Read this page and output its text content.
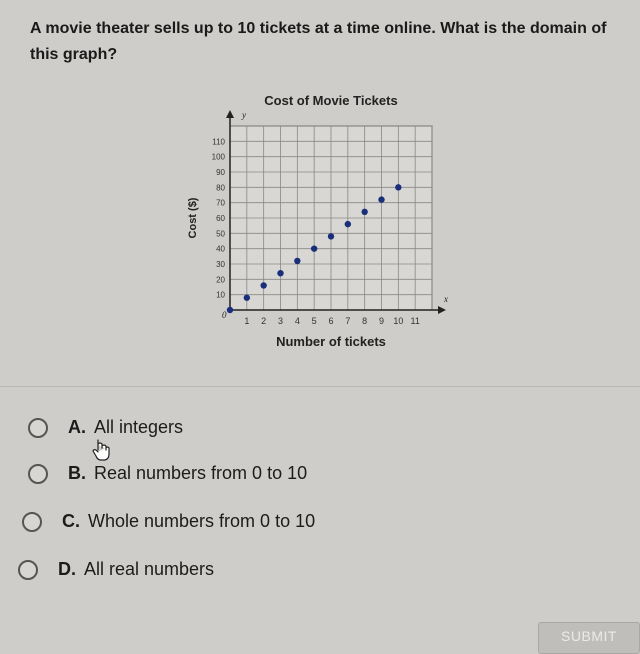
A movie theater sells up to 10 tickets at a time online. What is the domain of this graph?
Cost of Movie Tickets
y
x
0
1 2 3 4 5 6 7 8 9 10 11
10
20
30
40
50
60
70
80
90
100
110
Number of tickets
Cost ($)
A. All integers
B. Real numbers from 0 to 10
C. Whole numbers from 0 to 10
D. All real numbers
SUBMIT
